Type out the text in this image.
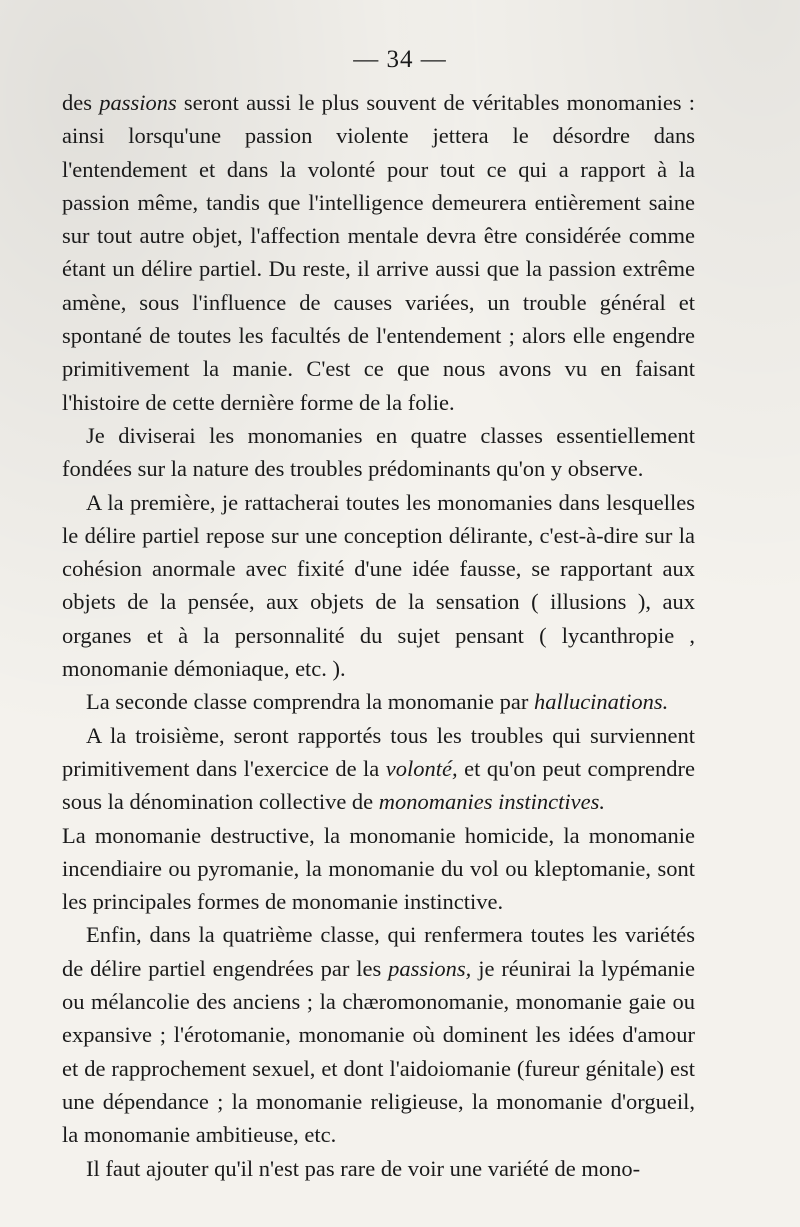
— 34 —

des passions seront aussi le plus souvent de véritables monomanies : ainsi lorsqu'une passion violente jettera le désordre dans l'entendement et dans la volonté pour tout ce qui a rapport à la passion même, tandis que l'intelligence demeurera entièrement saine sur tout autre objet, l'affection mentale devra être considérée comme étant un délire partiel. Du reste, il arrive aussi que la passion extrême amène, sous l'influence de causes variées, un trouble général et spontané de toutes les facultés de l'entendement ; alors elle engendre primitivement la manie. C'est ce que nous avons vu en faisant l'histoire de cette dernière forme de la folie.

Je diviserai les monomanies en quatre classes essentiellement fondées sur la nature des troubles prédominants qu'on y observe.

A la première, je rattacherai toutes les monomanies dans lesquelles le délire partiel repose sur une conception délirante, c'est-à-dire sur la cohésion anormale avec fixité d'une idée fausse, se rapportant aux objets de la pensée, aux objets de la sensation ( illusions ), aux organes et à la personnalité du sujet pensant ( lycanthropie , monomanie démoniaque, etc. ).

La seconde classe comprendra la monomanie par hallucinations.

A la troisième, seront rapportés tous les troubles qui surviennent primitivement dans l'exercice de la volonté, et qu'on peut comprendre sous la dénomination collective de monomanies instinctives.

La monomanie destructive, la monomanie homicide, la monomanie incendiaire ou pyromanie, la monomanie du vol ou kleptomanie, sont les principales formes de monomanie instinctive.

Enfin, dans la quatrième classe, qui renfermera toutes les variétés de délire partiel engendrées par les passions, je réunirai la lypémanie ou mélancolie des anciens ; la chæromonomanie, monomanie gaie ou expansive ; l'érotomanie, monomanie où dominent les idées d'amour et de rapprochement sexuel, et dont l'aidoiomanie (fureur génitale) est une dépendance ; la monomanie religieuse, la monomanie d'orgueil, la monomanie ambitieuse, etc.

Il faut ajouter qu'il n'est pas rare de voir une variété de mono-
